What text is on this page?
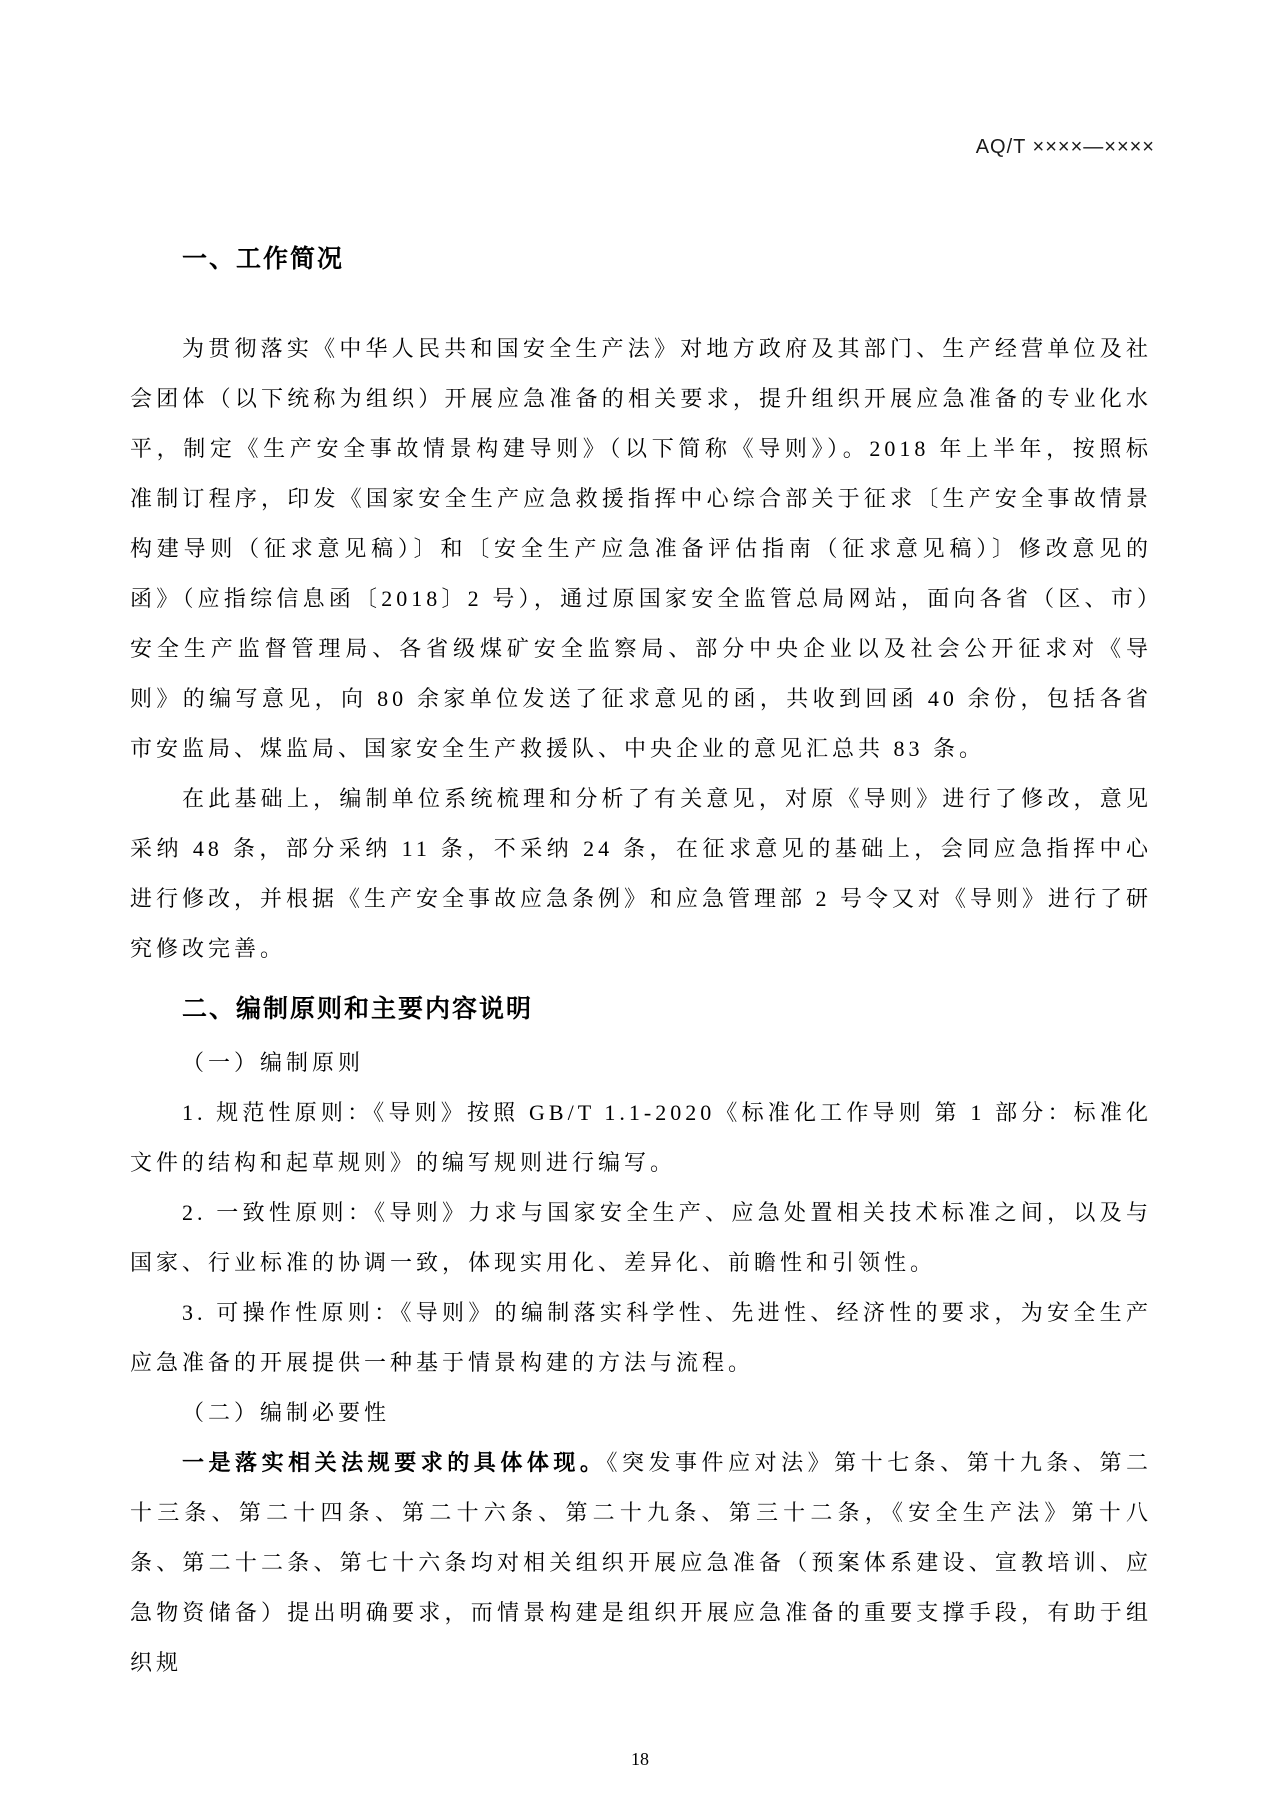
AQ/T ××××—××××
一、工作简况

为贯彻落实《中华人民共和国安全生产法》对地方政府及其部门、生产经营单位及社会团体（以下统称为组织）开展应急准备的相关要求，提升组织开展应急准备的专业化水平，制定《生产安全事故情景构建导则》（以下简称《导则》）。2018 年上半年，按照标准制订程序，印发《国家安全生产应急救援指挥中心综合部关于征求〔生产安全事故情景构建导则（征求意见稿）〕和〔安全生产应急准备评估指南（征求意见稿）〕修改意见的函》（应指综信息函〔2018〕2 号），通过原国家安全监管总局网站，面向各省（区、市）安全生产监督管理局、各省级煤矿安全监察局、部分中央企业以及社会公开征求对《导则》的编写意见，向 80 余家单位发送了征求意见的函，共收到回函 40 余份，包括各省市安监局、煤监局、国家安全生产救援队、中央企业的意见汇总共 83 条。

在此基础上，编制单位系统梳理和分析了有关意见，对原《导则》进行了修改，意见采纳 48 条，部分采纳 11 条，不采纳 24 条，在征求意见的基础上，会同应急指挥中心进行修改，并根据《生产安全事故应急条例》和应急管理部 2 号令又对《导则》进行了研究修改完善。

二、编制原则和主要内容说明

（一）编制原则

1. 规范性原则：《导则》按照 GB/T 1.1-2020《标准化工作导则 第 1 部分：标准化文件的结构和起草规则》的编写规则进行编写。

2. 一致性原则：《导则》力求与国家安全生产、应急处置相关技术标准之间，以及与国家、行业标准的协调一致，体现实用化、差异化、前瞻性和引领性。

3. 可操作性原则：《导则》的编制落实科学性、先进性、经济性的要求，为安全生产应急准备的开展提供一种基于情景构建的方法与流程。

（二）编制必要性

一是落实相关法规要求的具体体现。《突发事件应对法》第十七条、第十九条、第二十三条、第二十四条、第二十六条、第二十九条、第三十二条，《安全生产法》第十八条、第二十二条、第七十六条均对相关组织开展应急准备（预案体系建设、宣教培训、应急物资储备）提出明确要求，而情景构建是组织开展应急准备的重要支撑手段，有助于组织规

18
